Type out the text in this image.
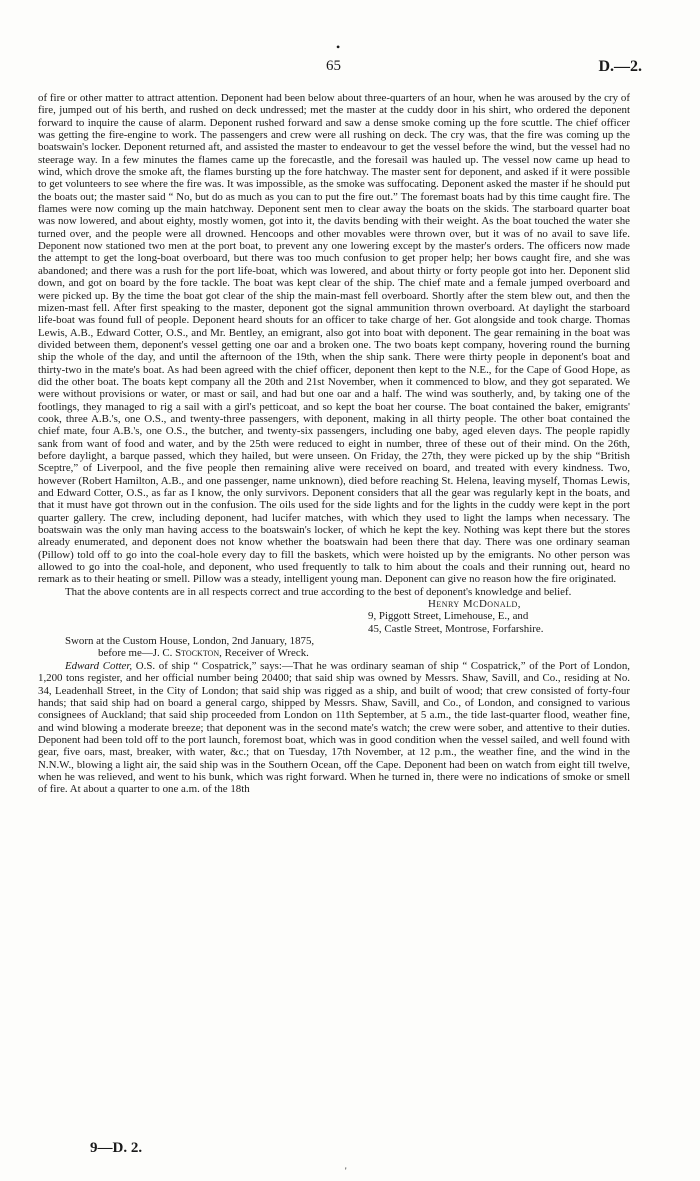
•
65	D.—2.

of fire or other matter to attract attention. Deponent had been below about three-quarters of an hour, when he was aroused by the cry of fire, jumped out of his berth, and rushed on deck undressed; met the master at the cuddy door in his shirt, who ordered the deponent forward to inquire the cause of alarm. Deponent rushed forward and saw a dense smoke coming up the fore scuttle. The chief officer was getting the fire-engine to work. The passengers and crew were all rushing on deck. The cry was, that the fire was coming up the boatswain's locker. Deponent returned aft, and assisted the master to endeavour to get the vessel before the wind, but the vessel had no steerage way. In a few minutes the flames came up the forecastle, and the foresail was hauled up. The vessel now came up head to wind, which drove the smoke aft, the flames bursting up the fore hatchway. The master sent for deponent, and asked if it were possible to get volunteers to see where the fire was. It was impossible, as the smoke was suffocating. Deponent asked the master if he should put the boats out; the master said “ No, but do as much as you can to put the fire out.” The foremast boats had by this time caught fire. The flames were now coming up the main hatchway. Deponent sent men to clear away the boats on the skids. The starboard quarter boat was now lowered, and about eighty, mostly women, got into it, the davits bending with their weight. As the boat touched the water she turned over, and the people were all drowned. Hencoops and other movables were thrown over, but it was of no avail to save life. Deponent now stationed two men at the port boat, to prevent any one lowering except by the master's orders. The officers now made the attempt to get the long-boat overboard, but there was too much confusion to get proper help; her bows caught fire, and she was abandoned; and there was a rush for the port life-boat, which was lowered, and about thirty or forty people got into her. Deponent slid down, and got on board by the fore tackle. The boat was kept clear of the ship. The chief mate and a female jumped overboard and were picked up. By the time the boat got clear of the ship the main-mast fell overboard. Shortly after the stem blew out, and then the mizen-mast fell. After first speaking to the master, deponent got the signal ammunition thrown overboard. At daylight the starboard life-boat was found full of people. Deponent heard shouts for an officer to take charge of her. Got alongside and took charge. Thomas Lewis, A.B., Edward Cotter, O.S., and Mr. Bentley, an emigrant, also got into boat with deponent. The gear remaining in the boat was divided between them, deponent's vessel getting one oar and a broken one. The two boats kept company, hovering round the burning ship the whole of the day, and until the afternoon of the 19th, when the ship sank. There were thirty people in deponent's boat and thirty-two in the mate's boat. As had been agreed with the chief officer, deponent then kept to the N.E., for the Cape of Good Hope, as did the other boat. The boats kept company all the 20th and 21st November, when it commenced to blow, and they got separated. We were without provisions or water, or mast or sail, and had but one oar and a half. The wind was southerly, and, by taking one of the footlings, they managed to rig a sail with a girl's petticoat, and so kept the boat her course. The boat contained the baker, emigrants' cook, three A.B.'s, one O.S., and twenty-three passengers, with deponent, making in all thirty people. The other boat contained the chief mate, four A.B.'s, one O.S., the butcher, and twenty-six passengers, including one baby, aged eleven days. The people rapidly sank from want of food and water, and by the 25th were reduced to eight in number, three of these out of their mind. On the 26th, before daylight, a barque passed, which they hailed, but were unseen. On Friday, the 27th, they were picked up by the ship “British Sceptre,” of Liverpool, and the five people then remaining alive were received on board, and treated with every kindness. Two, however (Robert Hamilton, A.B., and one passenger, name unknown), died before reaching St. Helena, leaving myself, Thomas Lewis, and Edward Cotter, O.S., as far as I know, the only survivors. Deponent considers that all the gear was regularly kept in the boats, and that it must have got thrown out in the confusion. The oils used for the side lights and for the lights in the cuddy were kept in the port quarter gallery. The crew, including deponent, had lucifer matches, with which they used to light the lamps when necessary. The boatswain was the only man having access to the boatswain's locker, of which he kept the key. Nothing was kept there but the stores already enumerated, and deponent does not know whether the boatswain had been there that day. There was one ordinary seaman (Pillow) told off to go into the coal-hole every day to fill the baskets, which were hoisted up by the emigrants. No other person was allowed to go into the coal-hole, and deponent, who used frequently to talk to him about the coals and their running out, heard no remark as to their heating or smell. Pillow was a steady, intelligent young man. Deponent can give no reason how the fire originated.

That the above contents are in all respects correct and true according to the best of deponent's knowledge and belief.

Henry McDonald,

9, Piggott Street, Limehouse, E., and

45, Castle Street, Montrose, Forfarshire.

Sworn at the Custom House, London, 2nd January, 1875,

before me—J. C. Stockton, Receiver of Wreck.

Edward Cotter, O.S. of ship “ Cospatrick,” says:—That he was ordinary seaman of ship “ Cospatrick,” of the Port of London, 1,200 tons register, and her official number being 20400; that said ship was owned by Messrs. Shaw, Savill, and Co., residing at No. 34, Leadenhall Street, in the City of London; that said ship was rigged as a ship, and built of wood; that crew consisted of forty-four hands; that said ship had on board a general cargo, shipped by Messrs. Shaw, Savill, and Co., of London, and consigned to various consignees of Auckland; that said ship proceeded from London on 11th September, at 5 a.m., the tide last-quarter flood, weather fine, and wind blowing a moderate breeze; that deponent was in the second mate's watch; the crew were sober, and attentive to their duties. Deponent had been told off to the port launch, foremost boat, which was in good condition when the vessel sailed, and well found with gear, five oars, mast, breaker, with water, &c.; that on Tuesday, 17th November, at 12 p.m., the weather fine, and the wind in the N.N.W., blowing a light air, the said ship was in the Southern Ocean, off the Cape. Deponent had been on watch from eight till twelve, when he was relieved, and went to his bunk, which was right forward. When he turned in, there were no indications of smoke or smell of fire. At about a quarter to one a.m. of the 18th

9—D. 2.
'
